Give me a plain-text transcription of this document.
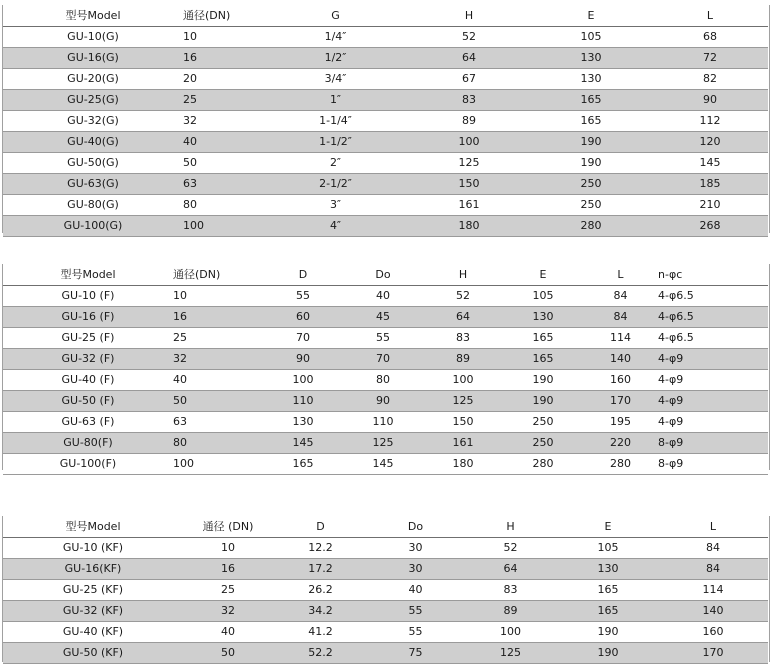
型号Model	通径(DN)	G	H	E	L
GU-10(G)	10	1/4″	52	105	68
GU-16(G)	16	1/2″	64	130	72
GU-20(G)	20	3/4″	67	130	82
GU-25(G)	25	1″	83	165	90
GU-32(G)	32	1-1/4″	89	165	112
GU-40(G)	40	1-1/2″	100	190	120
GU-50(G)	50	2″	125	190	145
GU-63(G)	63	2-1/2″	150	250	185
GU-80(G)	80	3″	161	250	210
GU-100(G)	100	4″	180	280	268
型号Model	通径(DN)	D	Do	H	E	L	n-φc
GU-10 (F)	10	55	40	52	105	84	4-φ6.5
GU-16 (F)	16	60	45	64	130	84	4-φ6.5
GU-25 (F)	25	70	55	83	165	114	4-φ6.5
GU-32 (F)	32	90	70	89	165	140	4-φ9
GU-40 (F)	40	100	80	100	190	160	4-φ9
GU-50 (F)	50	110	90	125	190	170	4-φ9
GU-63 (F)	63	130	110	150	250	195	4-φ9
GU-80(F)	80	145	125	161	250	220	8-φ9
GU-100(F)	100	165	145	180	280	280	8-φ9
型号Model	通径 (DN)	D	Do	H	E	L
GU-10 (KF)	10	12.2	30	52	105	84
GU-16(KF)	16	17.2	30	64	130	84
GU-25 (KF)	25	26.2	40	83	165	114
GU-32 (KF)	32	34.2	55	89	165	140
GU-40 (KF)	40	41.2	55	100	190	160
GU-50 (KF)	50	52.2	75	125	190	170
